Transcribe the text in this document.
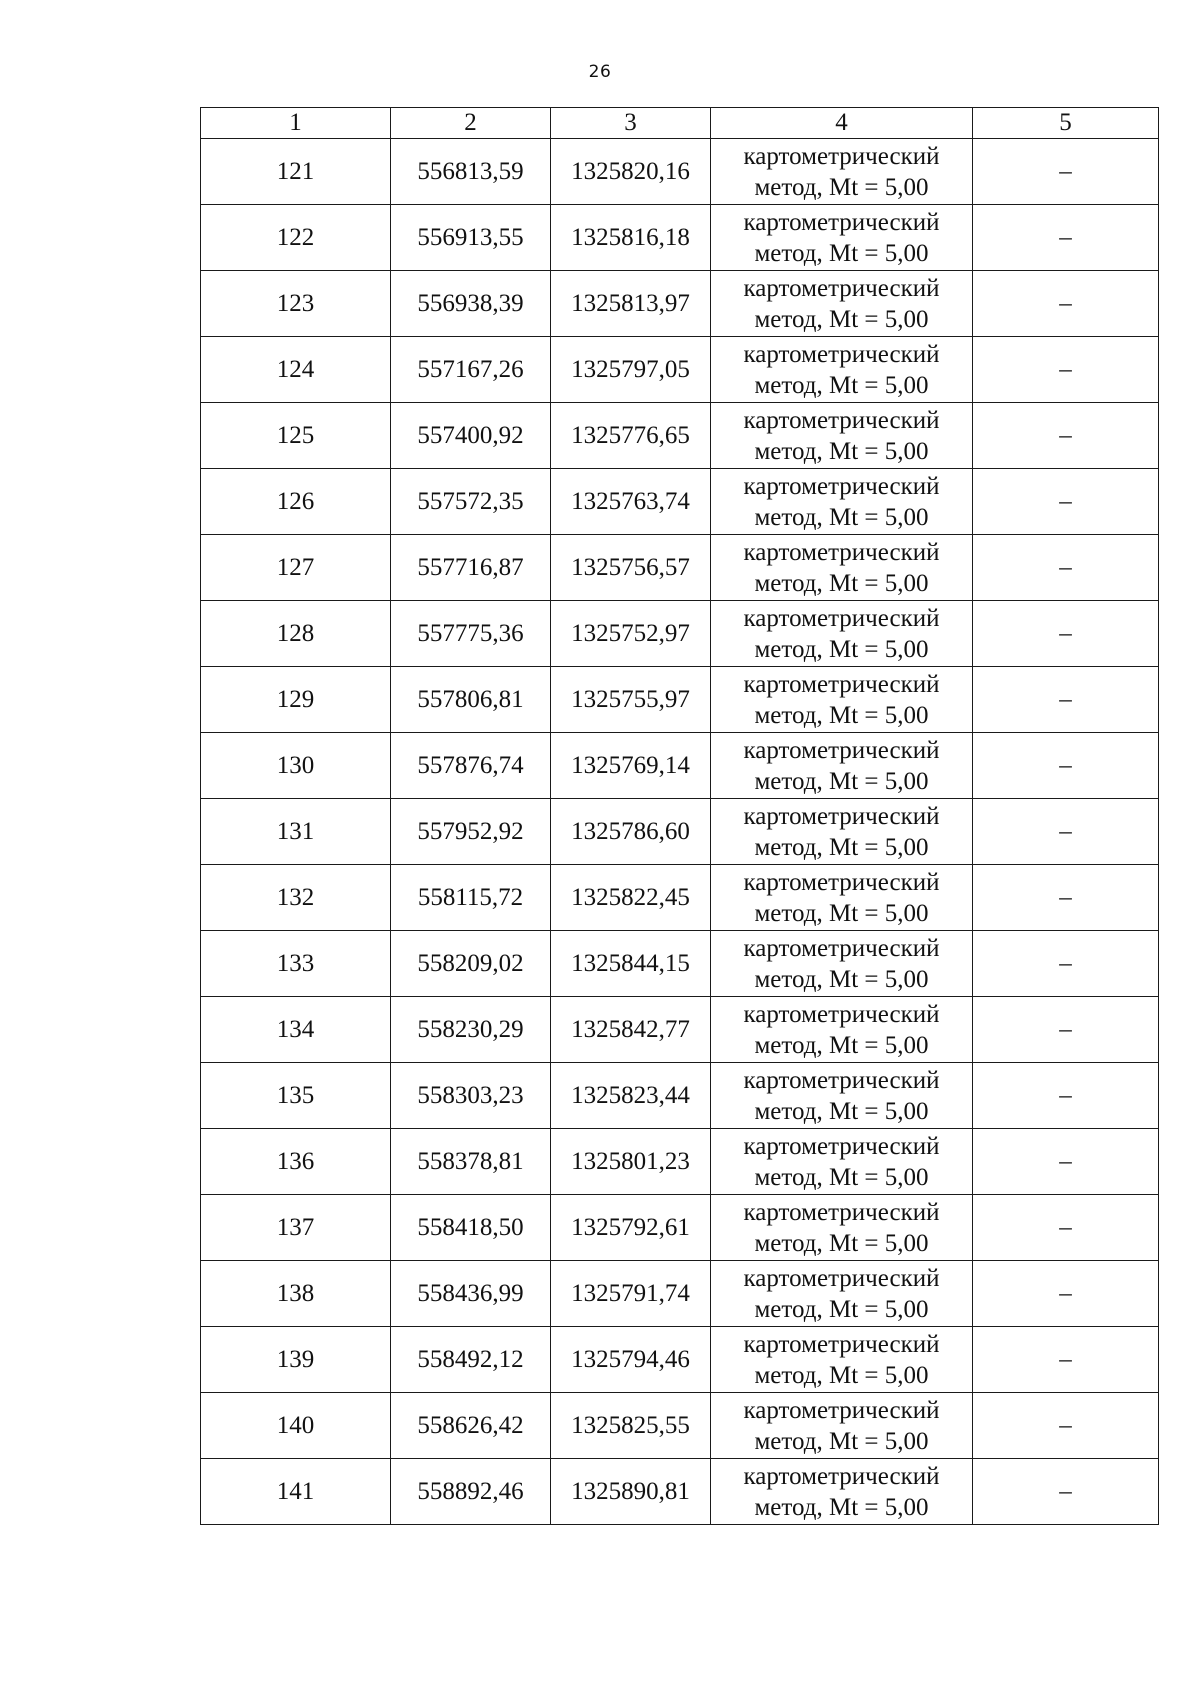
26
1	2	3	4	5
121	556813,59	1325820,16	картометрический
метод, Mt = 5,00	–
122	556913,55	1325816,18	картометрический
метод, Mt = 5,00	–
123	556938,39	1325813,97	картометрический
метод, Mt = 5,00	–
124	557167,26	1325797,05	картометрический
метод, Mt = 5,00	–
125	557400,92	1325776,65	картометрический
метод, Mt = 5,00	–
126	557572,35	1325763,74	картометрический
метод, Mt = 5,00	–
127	557716,87	1325756,57	картометрический
метод, Mt = 5,00	–
128	557775,36	1325752,97	картометрический
метод, Mt = 5,00	–
129	557806,81	1325755,97	картометрический
метод, Mt = 5,00	–
130	557876,74	1325769,14	картометрический
метод, Mt = 5,00	–
131	557952,92	1325786,60	картометрический
метод, Mt = 5,00	–
132	558115,72	1325822,45	картометрический
метод, Mt = 5,00	–
133	558209,02	1325844,15	картометрический
метод, Mt = 5,00	–
134	558230,29	1325842,77	картометрический
метод, Mt = 5,00	–
135	558303,23	1325823,44	картометрический
метод, Mt = 5,00	–
136	558378,81	1325801,23	картометрический
метод, Mt = 5,00	–
137	558418,50	1325792,61	картометрический
метод, Mt = 5,00	–
138	558436,99	1325791,74	картометрический
метод, Mt = 5,00	–
139	558492,12	1325794,46	картометрический
метод, Mt = 5,00	–
140	558626,42	1325825,55	картометрический
метод, Mt = 5,00	–
141	558892,46	1325890,81	картометрический
метод, Mt = 5,00	–
